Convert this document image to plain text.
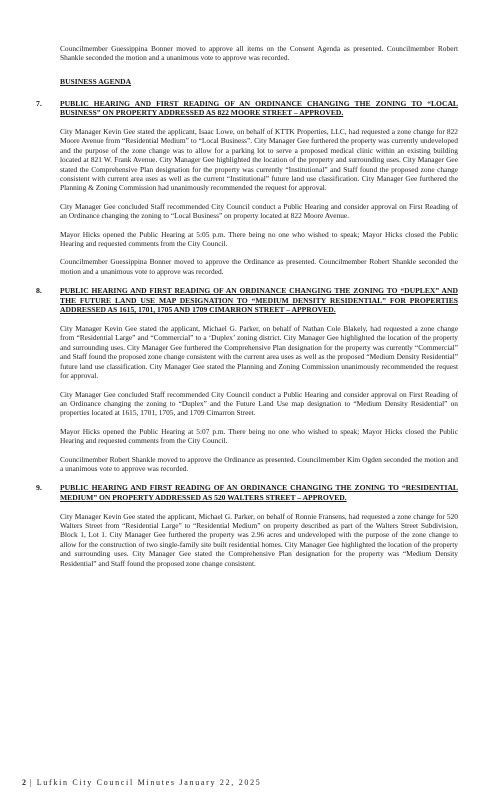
Councilmember Guessippina Bonner moved to approve all items on the Consent Agenda as presented. Councilmember Robert Shankle seconded the motion and a unanimous vote to approve was recorded.

BUSINESS AGENDA
7.	PUBLIC HEARING AND FIRST READING OF AN ORDINANCE CHANGING THE ZONING TO “LOCAL BUSINESS” ON PROPERTY ADDRESSED AS 822 MOORE STREET – APPROVED.

City Manager Kevin Gee stated the applicant, Isaac Lowe, on behalf of KTTK Properties, LLC, had requested a zone change for 822 Moore Avenue from “Residential Medium” to “Local Business”. City Manager Gee furthered the property was currently undeveloped and the purpose of the zone change was to allow for a parking lot to serve a proposed medical clinic within an existing building located at 821 W. Frank Avenue. City Manager Gee highlighted the location of the property and surrounding uses. City Manager Gee stated the Comprehensive Plan designation for the property was currently “Institutional” and Staff found the proposed zone change consistent with current area uses as well as the current “Institutional” future land use classification. City Manager Gee furthered the Planning & Zoning Commission had unanimously recommended the request for approval.

City Manager Gee concluded Staff recommended City Council conduct a Public Hearing and consider approval on First Reading of an Ordinance changing the zoning to “Local Business” on property located at 822 Moore Avenue.

Mayor Hicks opened the Public Hearing at 5:05 p.m. There being no one who wished to speak; Mayor Hicks closed the Public Hearing and requested comments from the City Council.

Councilmember Guessippina Bonner moved to approve the Ordinance as presented. Councilmember Robert Shankle seconded the motion and a unanimous vote to approve was recorded.

8.	PUBLIC HEARING AND FIRST READING OF AN ORDINANCE CHANGING THE ZONING TO “DUPLEX” AND THE FUTURE LAND USE MAP DESIGNATION TO “MEDIUM DENSITY RESIDENTIAL” FOR PROPERTIES ADDRESSED AS 1615, 1701, 1705 AND 1709 CIMARRON STREET – APPROVED.

City Manager Kevin Gee stated the applicant, Michael G. Parker, on behalf of Nathan Cole Blakely, had requested a zone change from “Residential Large” and “Commercial” to a ‘Duplex’ zoning district. City Manager Gee highlighted the location of the property and surrounding uses. City Manager Gee furthered the Comprehensive Plan designation for the property was currently “Commercial” and Staff found the proposed zone change consistent with the current area uses as well as the proposed “Medium Density Residential” future land use classification. City Manager Gee stated the Planning and Zoning Commission unanimously recommended the request for approval.

City Manager Gee concluded Staff recommended City Council conduct a Public Hearing and consider approval on First Reading of an Ordinance changing the zoning to “Duplex” and the Future Land Use map designation to “Medium Density Residential” on properties located at 1615, 1701, 1705, and 1709 Cimarron Street.

Mayor Hicks opened the Public Hearing at 5:07 p.m. There being no one who wished to speak; Mayor Hicks closed the Public Hearing and requested comments from the City Council.

Councilmember Robert Shankle moved to approve the Ordinance as presented. Councilmember Kim Ogden seconded the motion and a unanimous vote to approve was recorded.

9.	PUBLIC HEARING AND FIRST READING OF AN ORDINANCE CHANGING THE ZONING TO “RESIDENTIAL MEDIUM” ON PROPERTY ADDRESSED AS 520 WALTERS STREET – APPROVED.

City Manager Kevin Gee stated the applicant, Michael G. Parker, on behalf of Ronnie Fransens, had requested a zone change for 520 Walters Street from “Residential Large” to “Residential Medium” on property described as part of the Walters Street Subdivision, Block 1, Lot 1. City Manager Gee furthered the property was 2.96 acres and undeveloped with the purpose of the zone change to allow for the construction of two single-family site built residential homes. City Manager Gee highlighted the location of the property and surrounding uses. City Manager Gee stated the Comprehensive Plan designation for the property was “Medium Density Residential” and Staff found the proposed zone change consistent.

2 | Lufkin City Council Minutes January 22, 2025
